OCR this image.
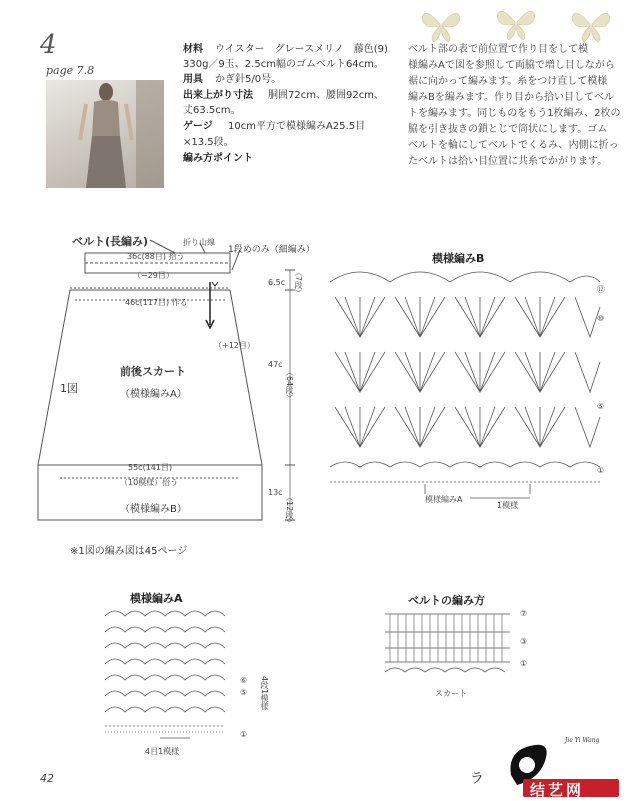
4
page 7.8
材料 ウイスター　グレースメリノ　藤色(9)
330g／9玉、2.5cm幅のゴムベルト64cm。
用具 かぎ針5/0号。
出来上がり寸法 胴囲72cm、腰囲92cm、
丈63.5cm。
ゲージ 10cm平方で模様編みA25.5目
×13.5段。
編み方ポイント
ベルト部の表で前位置で作り目をして模
様編みAで図を参照して両脇で増し目しながら
裾に向かって編みます。糸をつけ直して模様
編みBを編みます。作り目から拾い目してベル
トを編みます。同じものをもう1枚編み、2枚の
脇を引き抜きの鎖とじで筒状にします。ゴム
ベルトを輪にしてベルトでくるみ、内側に折っ
たベルトは拾い目位置に共糸でかがります。
ベルト(長編み)	折り山線
1段めのみ（細編み）
36c(88目) 拾う
（−29目）
46c(117目) 作る
（+12目）
前後スカート
（模様編みA）
1図
55c(141目)
（10模様）拾う
（模様編みB）
6.5c （7段）
47c
（64段）
13c
（12段）
※1図の編み図は45ページ
模様編みB
⑫
⑩
⑤
①
模様編みA
1模様
模様編みA
⑥
⑤
①
4段1模様
4目1模様
ベルトの編み方
⑦
③
①
スカート
42	ラ
Jie Yi Wang
结艺网
